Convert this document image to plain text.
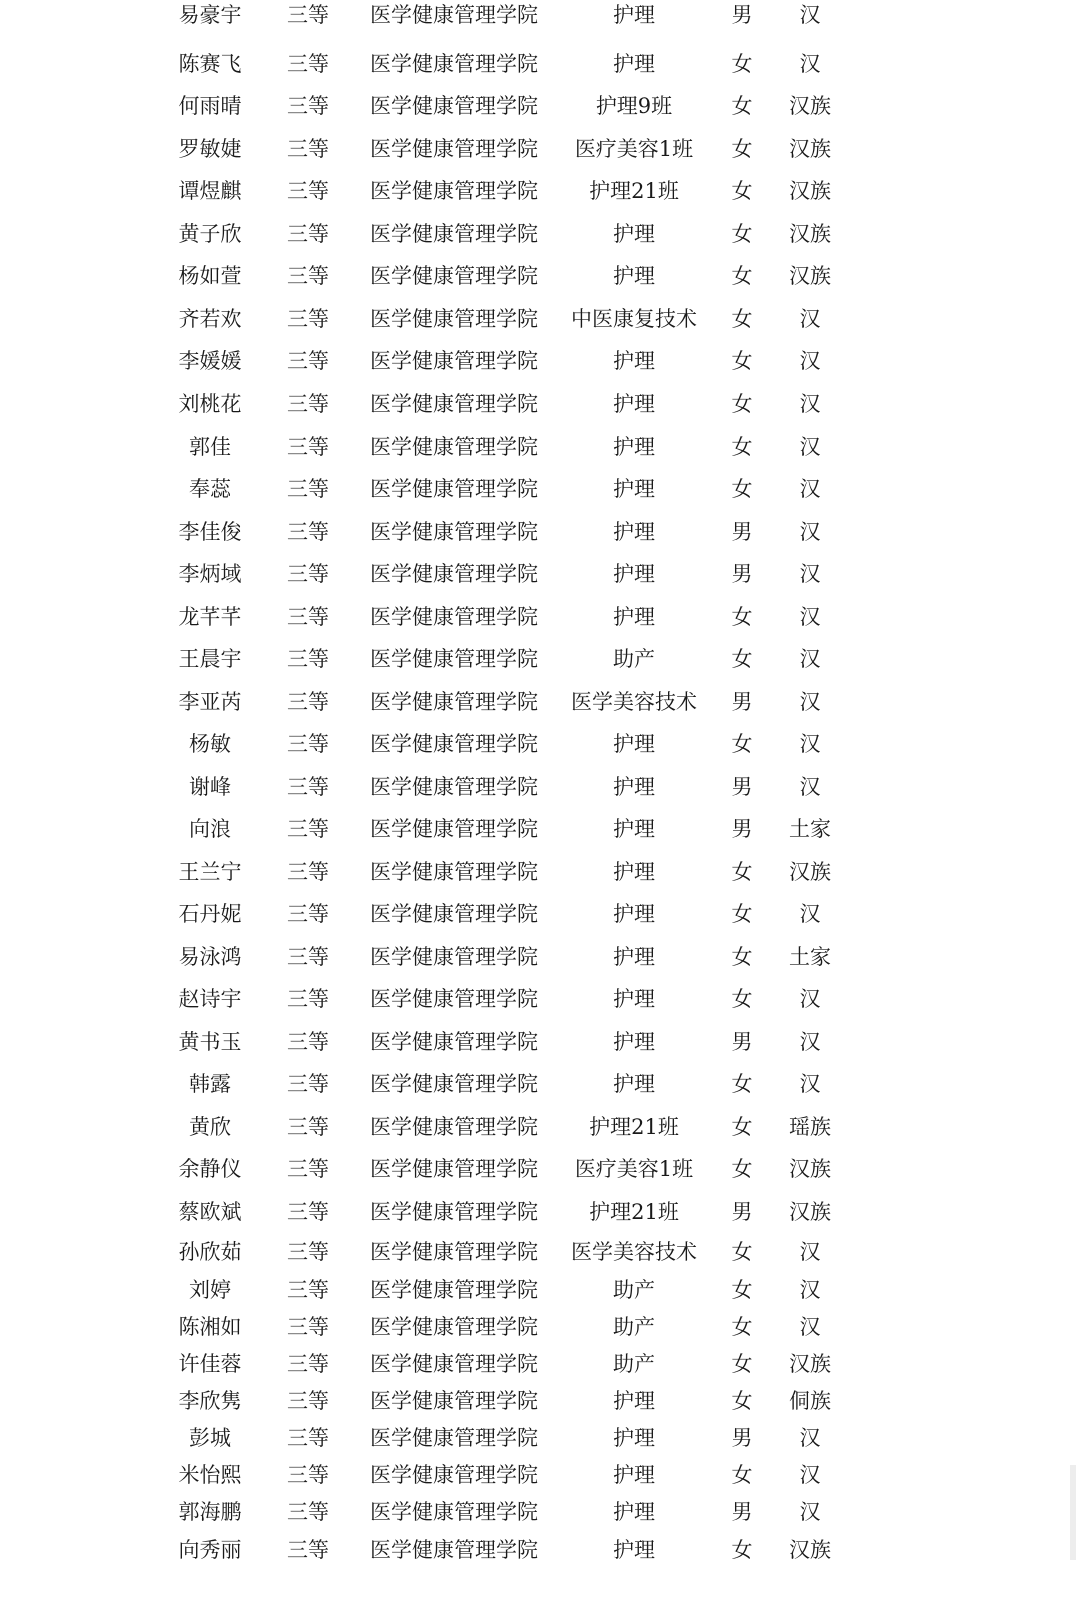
易豪宇	三等	医学健康管理学院	护理	男	汉
陈赛飞	三等	医学健康管理学院	护理	女	汉
何雨晴	三等	医学健康管理学院	护理9班	女	汉族
罗敏婕	三等	医学健康管理学院	医疗美容1班	女	汉族
谭煜麒	三等	医学健康管理学院	护理21班	女	汉族
黄子欣	三等	医学健康管理学院	护理	女	汉族
杨如萱	三等	医学健康管理学院	护理	女	汉族
齐若欢	三等	医学健康管理学院	中医康复技术	女	汉
李媛媛	三等	医学健康管理学院	护理	女	汉
刘桃花	三等	医学健康管理学院	护理	女	汉
郭佳	三等	医学健康管理学院	护理	女	汉
奉蕊	三等	医学健康管理学院	护理	女	汉
李佳俊	三等	医学健康管理学院	护理	男	汉
李炳域	三等	医学健康管理学院	护理	男	汉
龙芊芊	三等	医学健康管理学院	护理	女	汉
王晨宇	三等	医学健康管理学院	助产	女	汉
李亚芮	三等	医学健康管理学院	医学美容技术	男	汉
杨敏	三等	医学健康管理学院	护理	女	汉
谢峰	三等	医学健康管理学院	护理	男	汉
向浪	三等	医学健康管理学院	护理	男	土家
王兰宁	三等	医学健康管理学院	护理	女	汉族
石丹妮	三等	医学健康管理学院	护理	女	汉
易泳鸿	三等	医学健康管理学院	护理	女	土家
赵诗宇	三等	医学健康管理学院	护理	女	汉
黄书玉	三等	医学健康管理学院	护理	男	汉
韩露	三等	医学健康管理学院	护理	女	汉
黄欣	三等	医学健康管理学院	护理21班	女	瑶族
余静仪	三等	医学健康管理学院	医疗美容1班	女	汉族
蔡欧斌	三等	医学健康管理学院	护理21班	男	汉族
孙欣茹	三等	医学健康管理学院	医学美容技术	女	汉
刘婷	三等	医学健康管理学院	助产	女	汉
陈湘如	三等	医学健康管理学院	助产	女	汉
许佳蓉	三等	医学健康管理学院	助产	女	汉族
李欣隽	三等	医学健康管理学院	护理	女	侗族
彭城	三等	医学健康管理学院	护理	男	汉
米怡熙	三等	医学健康管理学院	护理	女	汉
郭海鹏	三等	医学健康管理学院	护理	男	汉
向秀丽	三等	医学健康管理学院	护理	女	汉族
